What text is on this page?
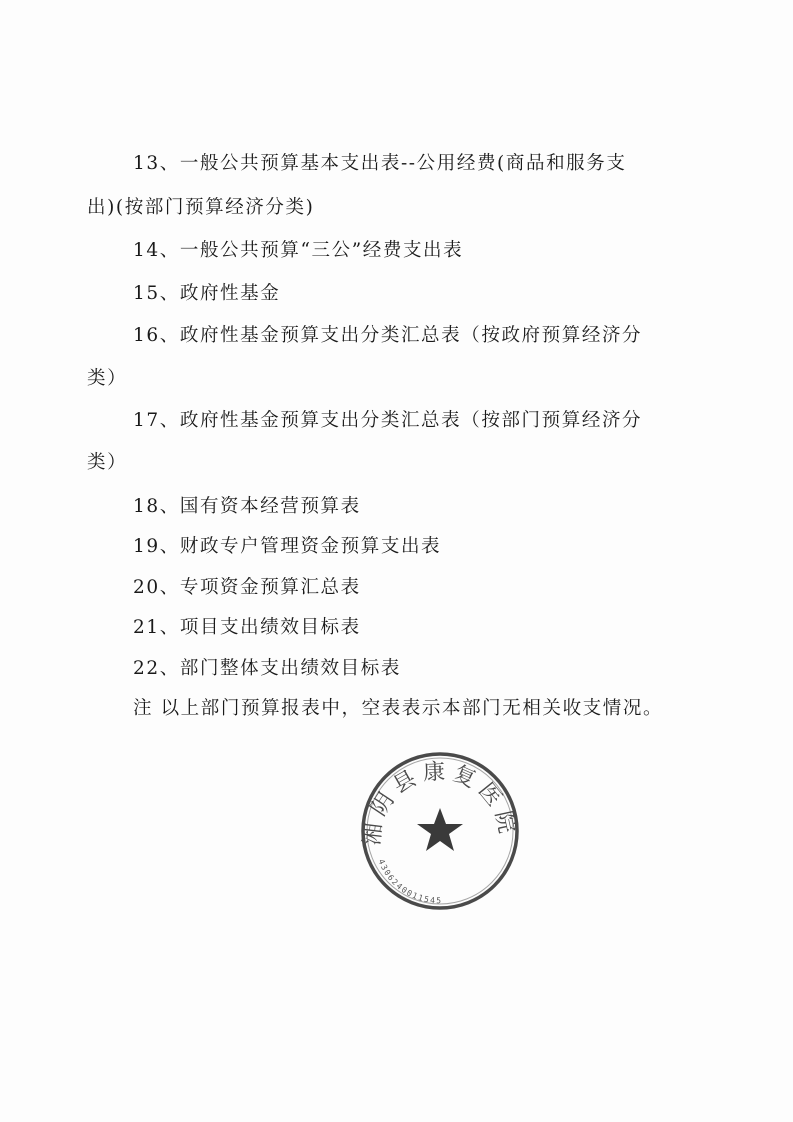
13、一般公共预算基本支出表--公用经费(商品和服务支
出)(按部门预算经济分类)
14、一般公共预算“三公”经费支出表
15、政府性基金
16、政府性基金预算支出分类汇总表（按政府预算经济分
类）
17、政府性基金预算支出分类汇总表（按部门预算经济分
类）
18、国有资本经营预算表
19、财政专户管理资金预算支出表
20、专项资金预算汇总表
21、项目支出绩效目标表
22、部门整体支出绩效目标表
注 以上部门预算报表中，空表表示本部门无相关收支情况。
湘阴县康复医院
4306240011545
